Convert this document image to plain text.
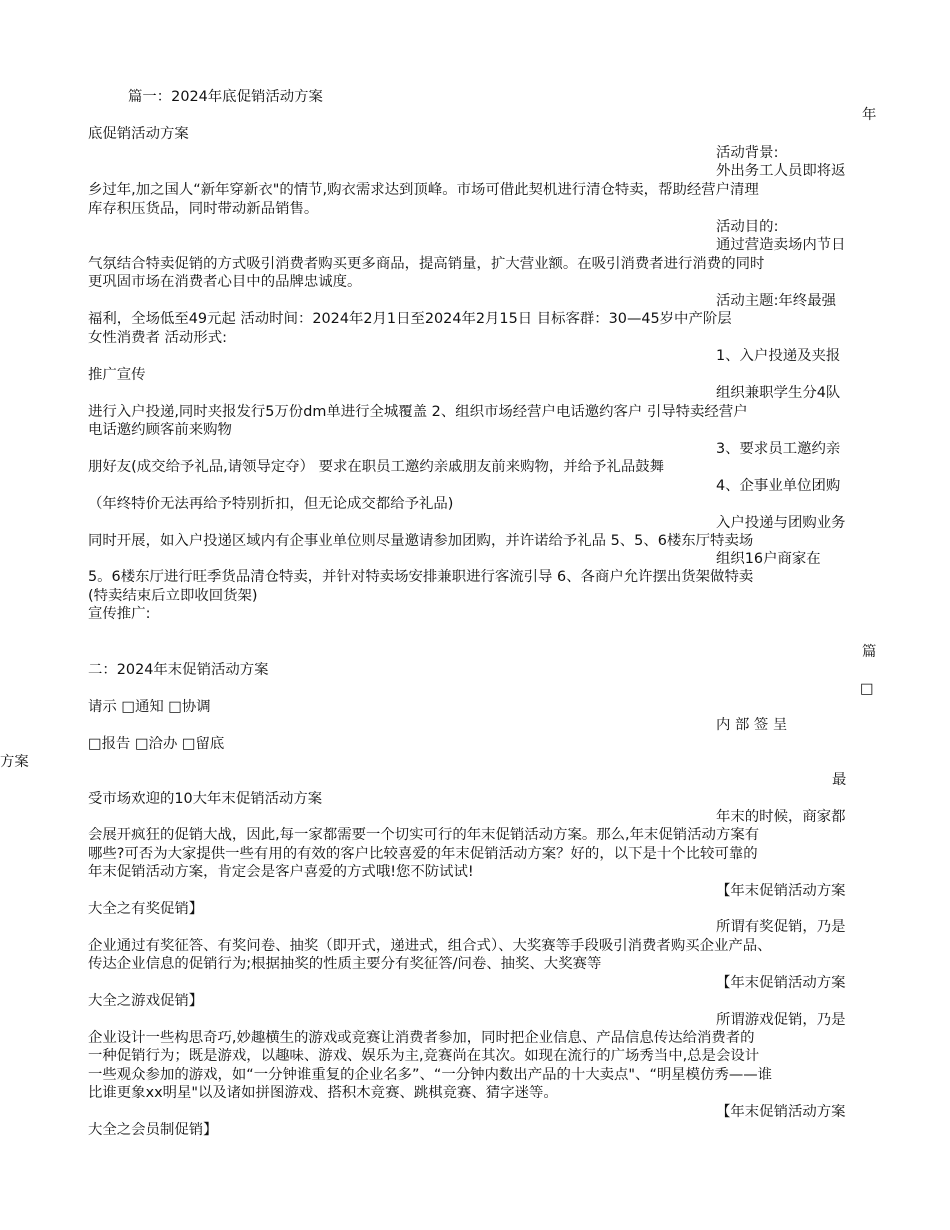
篇一：2024年底促销活动方案
年
底促销活动方案
活动背景:
外出务工人员即将返
乡过年,加之国人“新年穿新衣"的情节,购衣需求达到顶峰。市场可借此契机进行清仓特卖，帮助经营户清理
库存积压货品，同时带动新品销售。
活动目的:
通过营造卖场内节日
气氛结合特卖促销的方式吸引消费者购买更多商品，提高销量，扩大营业额。在吸引消费者进行消费的同时
更巩固市场在消费者心目中的品牌忠诚度。
活动主题:年终最强
福利，全场低至49元起 活动时间：2024年2月1日至2024年2月15日 目标客群：30—45岁中产阶层
女性消费者 活动形式:
1、入户投递及夹报
推广宣传
组织兼职学生分4队
进行入户投递,同时夹报发行5万份dm单进行全城覆盖 2、组织市场经营户电话邀约客户 引导特卖经营户
电话邀约顾客前来购物
3、要求员工邀约亲
朋好友(成交给予礼品,请领导定夺） 要求在职员工邀约亲戚朋友前来购物，并给予礼品鼓舞
4、企事业单位团购
（年终特价无法再给予特别折扣，但无论成交都给予礼品)
入户投递与团购业务
同时开展，如入户投递区域内有企事业单位则尽量邀请参加团购，并许诺给予礼品 5、5、6楼东厅特卖场
组织16户商家在
5。6楼东厅进行旺季货品清仓特卖，并针对特卖场安排兼职进行客流引导 6、各商户允许摆出货架做特卖
(特卖结束后立即收回货架)
宣传推广:
篇
二：2024年末促销活动方案
□
请示 □通知 □协调
内 部 签 呈
□报告 □洽办 □留底
方案
最
受市场欢迎的10大年末促销活动方案
年末的时候，商家都
会展开疯狂的促销大战，因此,每一家都需要一个切实可行的年末促销活动方案。那么,年末促销活动方案有
哪些?可否为大家提供一些有用的有效的客户比较喜爱的年末促销活动方案？好的，以下是十个比较可靠的
年末促销活动方案，肯定会是客户喜爱的方式哦!您不防试试!
【年末促销活动方案
大全之有奖促销】
所谓有奖促销，乃是
企业通过有奖征答、有奖问卷、抽奖（即开式，递进式，组合式）、大奖赛等手段吸引消费者购买企业产品、
传达企业信息的促销行为;根据抽奖的性质主要分有奖征答/问卷、抽奖、大奖赛等
【年末促销活动方案
大全之游戏促销】
所谓游戏促销，乃是
企业设计一些构思奇巧,妙趣横生的游戏或竞赛让消费者参加，同时把企业信息、产品信息传达给消费者的
一种促销行为；既是游戏，以趣味、游戏、娱乐为主,竞赛尚在其次。如现在流行的广场秀当中,总是会设计
一些观众参加的游戏，如“一分钟谁重复的企业名多”、“一分钟内数出产品的十大卖点"、“明星模仿秀——谁
比谁更象xx明星"以及诸如拼图游戏、搭积木竞赛、跳棋竞赛、猜字迷等。
【年末促销活动方案
大全之会员制促销】
